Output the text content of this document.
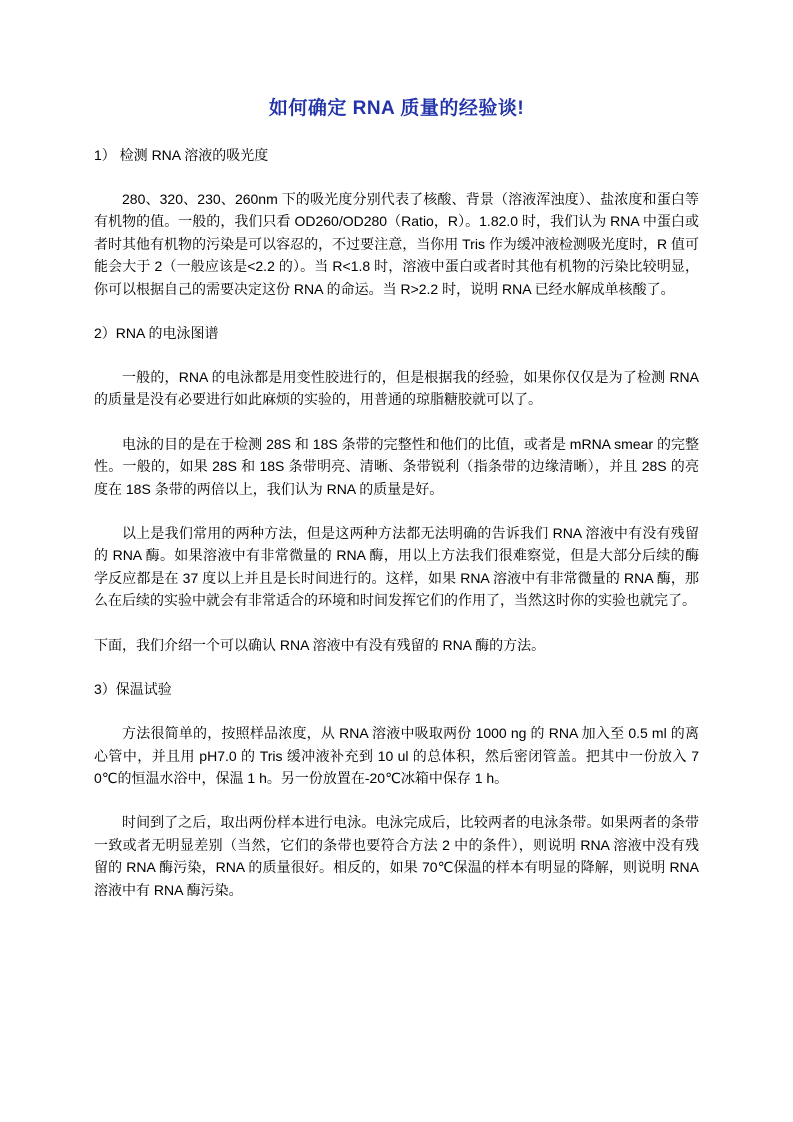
如何确定 RNA 质量的经验谈!

1） 检测 RNA 溶液的吸光度

280、320、230、260nm 下的吸光度分别代表了核酸、背景（溶液浑浊度）、盐浓度和蛋白等有机物的值。一般的，我们只看 OD260/OD280（Ratio，R）。1.82.0 时，我们认为 RNA 中蛋白或者时其他有机物的污染是可以容忍的，不过要注意，当你用 Tris 作为缓冲液检测吸光度时，R 值可能会大于 2（一般应该是<2.2 的）。当 R<1.8 时，溶液中蛋白或者时其他有机物的污染比较明显，你可以根据自己的需要决定这份 RNA 的命运。当 R>2.2 时，说明 RNA 已经水解成单核酸了。

2）RNA 的电泳图谱

一般的，RNA 的电泳都是用变性胶进行的，但是根据我的经验，如果你仅仅是为了检测 RNA 的质量是没有必要进行如此麻烦的实验的，用普通的琼脂糖胶就可以了。

电泳的目的是在于检测 28S 和 18S 条带的完整性和他们的比值，或者是 mRNA smear 的完整性。一般的，如果 28S 和 18S 条带明亮、清晰、条带锐利（指条带的边缘清晰），并且 28S 的亮度在 18S 条带的两倍以上，我们认为 RNA 的质量是好。

以上是我们常用的两种方法，但是这两种方法都无法明确的告诉我们 RNA 溶液中有没有残留的 RNA 酶。如果溶液中有非常微量的 RNA 酶，用以上方法我们很难察觉，但是大部分后续的酶学反应都是在 37 度以上并且是长时间进行的。这样，如果 RNA 溶液中有非常微量的 RNA 酶，那么在后续的实验中就会有非常适合的环境和时间发挥它们的作用了，当然这时你的实验也就完了。

下面，我们介绍一个可以确认 RNA 溶液中有没有残留的 RNA 酶的方法。

3）保温试验

方法很简单的，按照样品浓度，从 RNA 溶液中吸取两份 1000 ng 的 RNA 加入至 0.5 ml 的离心管中，并且用 pH7.0 的 Tris 缓冲液补充到 10 ul 的总体积，然后密闭管盖。把其中一份放入 70℃的恒温水浴中，保温 1 h。另一份放置在-20℃冰箱中保存 1 h。

时间到了之后，取出两份样本进行电泳。电泳完成后，比较两者的电泳条带。如果两者的条带一致或者无明显差别（当然，它们的条带也要符合方法 2 中的条件），则说明 RNA 溶液中没有残留的 RNA 酶污染，RNA 的质量很好。相反的，如果 70℃保温的样本有明显的降解，则说明 RNA 溶液中有 RNA 酶污染。
